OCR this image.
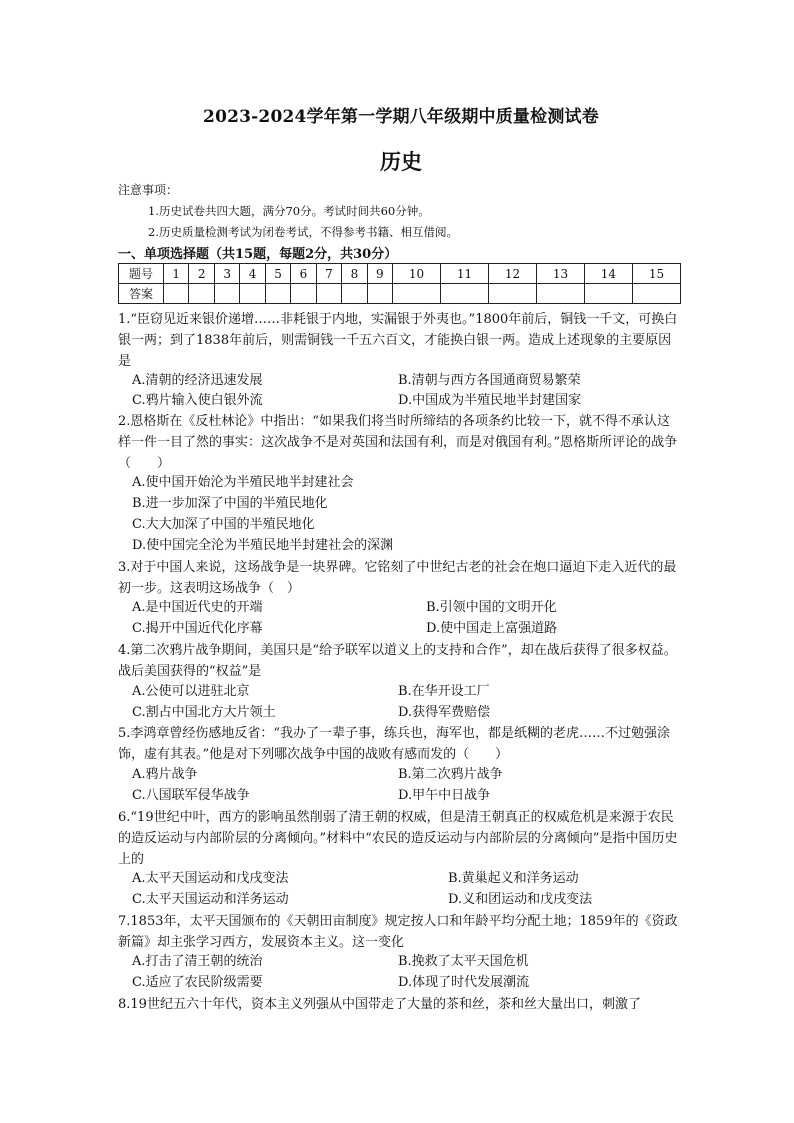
2023-2024学年第一学期八年级期中质量检测试卷
历史
注意事项：
1.历史试卷共四大题，满分70分。考试时间共60分钟。
2.历史质量检测考试为闭卷考试，不得参考书籍、相互借阅。
一、单项选择题（共15题，每题2分，共30分）
题号	1	2	3	4	5	6	7	8	9	10	11	12	13	14	15
答案															
1.“臣窃见近来银价递增……非耗银于内地，实漏银于外夷也。”1800年前后，铜钱一千文，可换白银一两；到了1838年前后，则需铜钱一千五六百文，才能换白银一两。造成上述现象的主要原因是
A.清朝的经济迅速发展	B.清朝与西方各国通商贸易繁荣
C.鸦片输入使白银外流	D.中国成为半殖民地半封建国家
2.恩格斯在《反杜林论》中指出：“如果我们将当时所缔结的各项条约比较一下，就不得不承认这样一件一目了然的事实：这次战争不是对英国和法国有利，而是对俄国有利。”恩格斯所评论的战争（　　）
A.使中国开始沦为半殖民地半封建社会
B.进一步加深了中国的半殖民地化
C.大大加深了中国的半殖民地化
D.使中国完全沦为半殖民地半封建社会的深渊
3.对于中国人来说，这场战争是一块界碑。它铭刻了中世纪古老的社会在炮口逼迫下走入近代的最初一步。这表明这场战争（　）
A.是中国近代史的开端	B.引领中国的文明开化
C.揭开中国近代化序幕	D.使中国走上富强道路
4.第二次鸦片战争期间，美国只是“给予联军以道义上的支持和合作”，却在战后获得了很多权益。战后美国获得的“权益”是
A.公使可以进驻北京	B.在华开设工厂
C.割占中国北方大片领土	D.获得军费赔偿
5.李鸿章曾经伤感地反省：“我办了一辈子事，练兵也，海军也，都是纸糊的老虎……不过勉强涂饰，虚有其表。”他是对下列哪次战争中国的战败有感而发的（　　）
A.鸦片战争	B.第二次鸦片战争
C.八国联军侵华战争	D.甲午中日战争
6.“19世纪中叶，西方的影响虽然削弱了清王朝的权威，但是清王朝真正的权威危机是来源于农民的造反运动与内部阶层的分离倾向。”材料中“农民的造反运动与内部阶层的分离倾向”是指中国历史上的
A.太平天国运动和戊戌变法	B.黄巢起义和洋务运动
C.太平天国运动和洋务运动	D.义和团运动和戊戌变法
7.1853年，太平天国颁布的《天朝田亩制度》规定按人口和年龄平均分配土地；1859年的《资政新篇》却主张学习西方，发展资本主义。这一变化
A.打击了清王朝的统治	B.挽救了太平天国危机
C.适应了农民阶级需要	D.体现了时代发展潮流
8.19世纪五六十年代，资本主义列强从中国带走了大量的茶和丝，茶和丝大量出口，刺激了
